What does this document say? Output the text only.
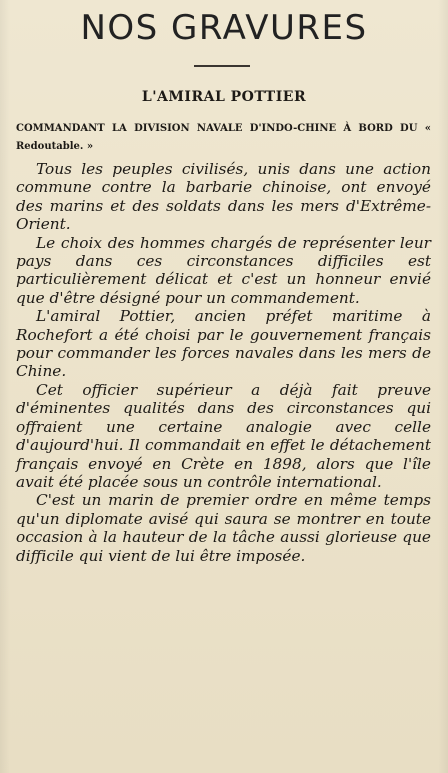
NOS GRAVURES
L'AMIRAL POTTIER
COMMANDANT LA DIVISION NAVALE D'INDO-CHINE À BORD DU « Redoutable. »

Tous les peuples civilisés, unis dans une action commune contre la barbarie chinoise, ont envoyé des marins et des soldats dans les mers d'Extrême-Orient.

Le choix des hommes chargés de représenter leur pays dans ces circonstances difficiles est particulièrement délicat et c'est un honneur envié que d'être désigné pour un commandement.

L'amiral Pottier, ancien préfet maritime à Rochefort a été choisi par le gouvernement français pour commander les forces navales dans les mers de Chine.

Cet officier supérieur a déjà fait preuve d'éminentes qualités dans des circonstances qui offraient une certaine analogie avec celle d'aujourd'hui. Il commandait en effet le détachement français envoyé en Crète en 1898, alors que l'île avait été placée sous un contrôle international.

C'est un marin de premier ordre en même temps qu'un diplomate avisé qui saura se montrer en toute occasion à la hauteur de la tâche aussi glorieuse que difficile qui vient de lui être imposée.
